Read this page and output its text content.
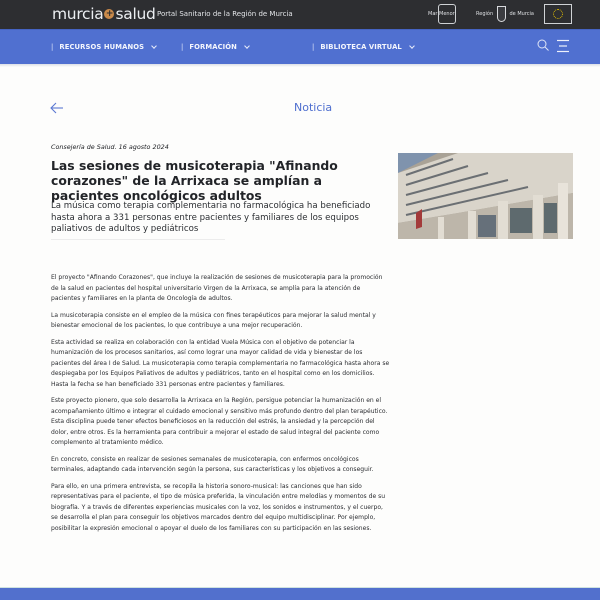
murcia + salud Portal Sanitario de la Región de Murcia	Mar Menor	Región	de Murcia
| RECURSOS HUMANOS	| FORMACIÓN	| BIBLIOTECA VIRTUAL
Noticia
Consejería de Salud. 16 agosto 2024
Las sesiones de musicoterapia "Afinando corazones" de la Arrixaca se amplían a pacientes oncológicos adultos

La música como terapia complementaria no farmacológica ha beneficiado hasta ahora a 331 personas entre pacientes y familiares de los equipos paliativos de adultos y pediátricos

El proyecto "Afinando Corazones", que incluye la realización de sesiones de musicoterapia para la promoción de la salud en pacientes del hospital universitario Virgen de la Arrixaca, se amplía para la atención de pacientes y familiares en la planta de Oncología de adultos.

La musicoterapia consiste en el empleo de la música con fines terapéuticos para mejorar la salud mental y bienestar emocional de los pacientes, lo que contribuye a una mejor recuperación.

Esta actividad se realiza en colaboración con la entidad Vuela Música con el objetivo de potenciar la humanización de los procesos sanitarios, así como lograr una mayor calidad de vida y bienestar de los pacientes del área I de Salud. La musicoterapia como terapia complementaria no farmacológica hasta ahora se despiegaba por los Equipos Paliativos de adultos y pediátricos, tanto en el hospital como en los domicilios. Hasta la fecha se han beneficiado 331 personas entre pacientes y familiares.

Este proyecto pionero, que solo desarrolla la Arrixaca en la Región, persigue potenciar la humanización en el acompañamiento último e integrar el cuidado emocional y sensitivo más profundo dentro del plan terapéutico. Esta disciplina puede tener efectos beneficiosos en la reducción del estrés, la ansiedad y la percepción del dolor, entre otros. Es la herramienta para contribuir a mejorar el estado de salud integral del paciente como complemento al tratamiento médico.

En concreto, consiste en realizar de sesiones semanales de musicoterapia, con enfermos oncológicos terminales, adaptando cada intervención según la persona, sus características y los objetivos a conseguir.

Para ello, en una primera entrevista, se recopila la historia sonoro-musical: las canciones que han sido representativas para el paciente, el tipo de música preferida, la vinculación entre melodías y momentos de su biografía. Y a través de diferentes experiencias musicales con la voz, los sonidos e instrumentos, y el cuerpo, se desarrolla el plan para conseguir los objetivos marcados dentro del equipo multidisciplinar. Por ejemplo, posibilitar la expresión emocional o apoyar el duelo de los familiares con su participación en las sesiones.
